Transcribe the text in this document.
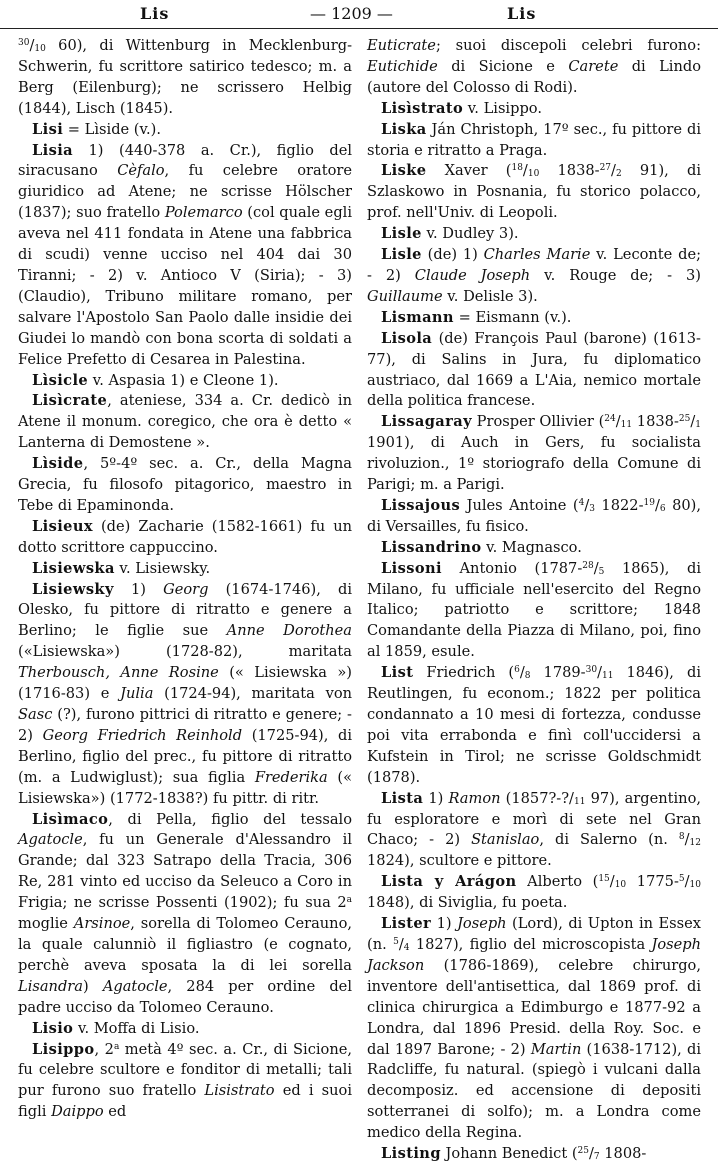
Lis	— 1209 —	Lis

$^{30}/_{10}$ 60), di Wittenburg in Mecklenburg-Schwerin, fu scrittore satirico tedesco; m. a Berg (Eilenburg); ne scrissero Helbig (1844), Lisch (1845).

Lisi = Lìside (v.).

Lisia 1) (440-378 a. Cr.), figlio del siracusano Cèfalo, fu celebre oratore giuridico ad Atene; ne scrisse Hölscher (1837); suo fratello Polemarco (col quale egli aveva nel 411 fondata in Atene una fabbrica di scudi) venne ucciso nel 404 dai 30 Tiranni; - 2) v. Antioco V (Siria); - 3) (Claudio), Tribuno militare romano, per salvare l'Apostolo San Paolo dalle insidie dei Giudei lo mandò con bona scorta di soldati a Felice Prefetto di Cesarea in Palestina.

Lìsicle v. Aspasia 1) e Cleone 1).

Lisìcrate, ateniese, 334 a. Cr. dedicò in Atene il monum. coregico, che ora è detto « Lanterna di Demostene ».

Lìside, 5º-4º sec. a. Cr., della Magna Grecia, fu filosofo pitagorico, maestro in Tebe di Epaminonda.

Lisieux (de) Zacharie (1582-1661) fu un dotto scrittore cappuccino.

Lisiewska v. Lisiewsky.

Lisiewsky 1) Georg (1674-1746), di Olesko, fu pittore di ritratto e genere a Berlino; le figlie sue Anne Dorothea («Lisiewska») (1728-82), maritata Therbousch, Anne Rosine (« Lisiewska ») (1716-83) e Julia (1724-94), maritata von Sasc (?), furono pittrici di ritratto e genere; - 2) Georg Friedrich Reinhold (1725-94), di Berlino, figlio del prec., fu pittore di ritratto (m. a Ludwiglust); sua figlia Frederika (« Lisiewska») (1772-1838?) fu pittr. di ritr.

Lisìmaco, di Pella, figlio del tessalo Agatocle, fu un Generale d'Alessandro il Grande; dal 323 Satrapo della Tracia, 306 Re, 281 vinto ed ucciso da Seleuco a Coro in Frigia; ne scrisse Possenti (1902); fu sua 2$^a$ moglie Arsinoe, sorella di Tolomeo Cerauno, la quale calunniò il figliastro (e cognato, perchè aveva sposata la di lei sorella Lisandra) Agatocle, 284 per ordine del padre ucciso da Tolomeo Cerauno.

Lisio v. Moffa di Lisio.

Lisippo, 2$^a$ metà 4º sec. a. Cr., di Sicione, fu celebre scultore e fonditor di metalli; tali pur furono suo fratello Lisistrato ed i suoi figli Daippo ed

Euticrate; suoi discepoli celebri furono: Eutichide di Sicione e Carete di Lindo (autore del Colosso di Rodi).

Lisìstrato v. Lisippo.

Liska Ján Christoph, 17º sec., fu pittore di storia e ritratto a Praga.

Liske Xaver ($^{18}/_{10}$ $1838-^{27}/_2$ 91), di Szlaskowo in Posnania, fu storico polacco, prof. nell'Univ. di Leopoli.

Lisle v. Dudley 3).

Lisle (de) 1) Charles Marie v. Leconte de; - 2) Claude Joseph v. Rouge de; - 3) Guillaume v. Delisle 3).

Lismann = Eismann (v.).

Lisola (de) François Paul (barone) (1613-77), di Salins in Jura, fu diplomatico austriaco, dal 1669 a L'Aia, nemico mortale della politica francese.

Lissagaray Prosper Ollivier ($^{24}/_{11}$ $1838-^{25}/_1$ 1901), di Auch in Gers, fu socialista rivoluzion., 1º storiografo della Comune di Parigi; m. a Parigi.

Lissajous Jules Antoine ($^4/_3$ $1822-^{19}/_6$ 80), di Versailles, fu fisico.

Lissandrino v. Magnasco.

Lissoni Antonio ($1787-^{28}/_5$ 1865), di Milano, fu ufficiale nell'esercito del Regno Italico; patriotto e scrittore; 1848 Comandante della Piazza di Milano, poi, fino al 1859, esule.

List Friedrich ($^6/_8$ $1789-^{30}/_{11}$ 1846), di Reutlingen, fu econom.; 1822 per politica condannato a 10 mesi di fortezza, condusse poi vita errabonda e finì coll'uccidersi a Kufstein in Tirol; ne scrisse Goldschmidt (1878).

Lista 1) Ramon ($1857?-?/_{11}$ 97), argentino, fu esploratore e morì di sete nel Gran Chaco; - 2) Stanislao, di Salerno (n. $^8/_{12}$ 1824), scultore e pittore.

Lista y Arágon Alberto ($^{15}/_{10}$ $1775-^5/_{10}$ 1848), di Siviglia, fu poeta.

Lister 1) Joseph (Lord), di Upton in Essex (n. $^5/_4$ 1827), figlio del microscopista Joseph Jackson (1786-1869), celebre chirurgo, inventore dell'antisettica, dal 1869 prof. di clinica chirurgica a Edimburgo e 1877-92 a Londra, dal 1896 Presid. della Roy. Soc. e dal 1897 Barone; - 2) Martin (1638-1712), di Radcliffe, fu natural. (spiegò i vulcani dalla decomposiz. ed accensione di depositi sotterranei di solfo); m. a Londra come medico della Regina.

Listing Johann Benedict ($^{25}/_7$ 1808-
